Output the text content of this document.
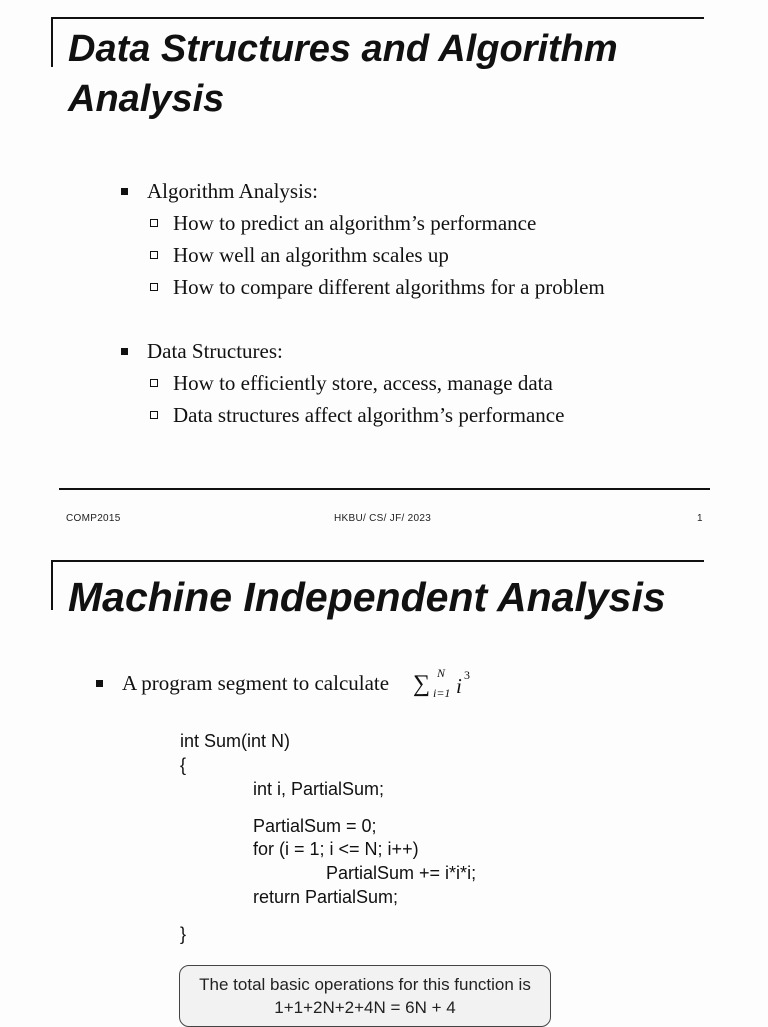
Data Structures and Algorithm
Analysis
Algorithm Analysis:
How to predict an algorithm’s performance
How well an algorithm scales up
How to compare different algorithms for a problem
Data Structures:
How to efficiently store, access, manage data
Data structures affect algorithm’s performance
COMP2015	HKBU/ CS/ JF/ 2023	1
Machine Independent Analysis
A program segment to calculate ∑ N
i=1 i 3
int Sum(int N)
{
int i, PartialSum;
PartialSum = 0;
for (i = 1; i <= N; i++)
PartialSum += i*i*i;
return PartialSum;
}
The total basic operations for this function is
1+1+2N+2+4N = 6N + 4
